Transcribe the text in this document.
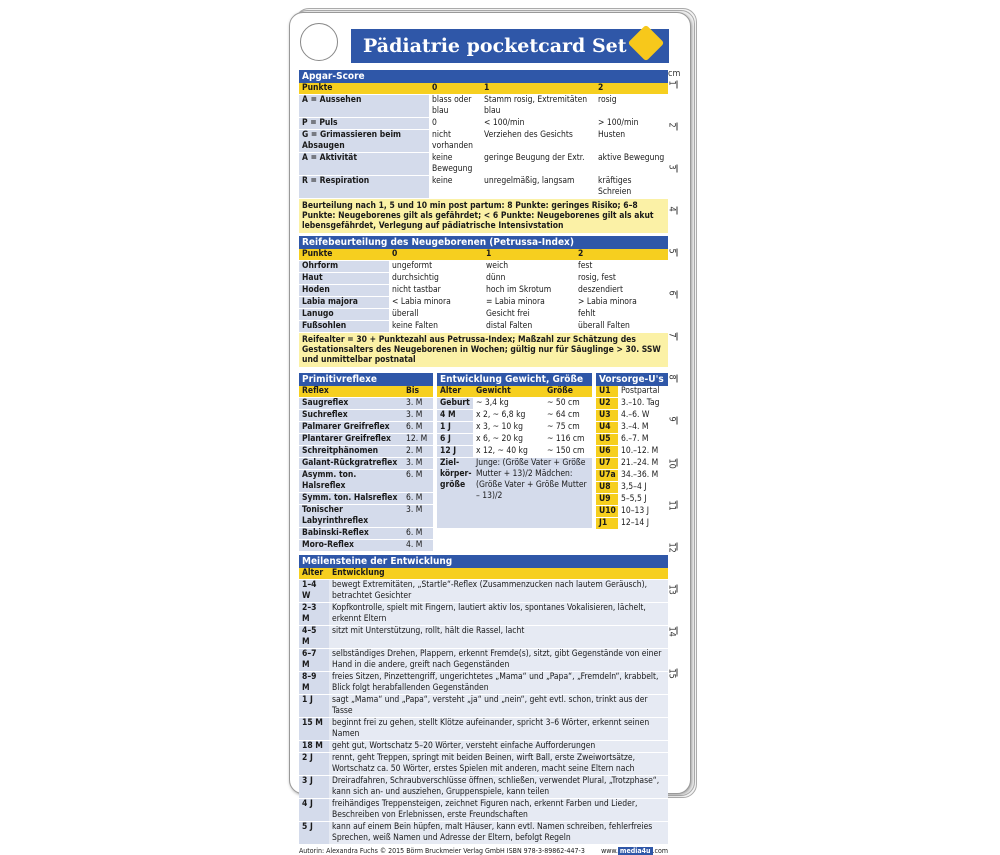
Pädiatrie pocketcard Set
Apgar-Score
Punkte	0	1	2
A = Aussehen	blass oder blau	Stamm rosig, Extremitäten blau	rosig
P = Puls	0	< 100/min	> 100/min
G = Grimassieren beim Absaugen	nicht vorhanden	Verziehen des Gesichts	Husten
A = Aktivität	keine Bewegung	geringe Beugung der Extr.	aktive Bewegung
R = Respiration	keine	unregelmäßig, langsam	kräftiges Schreien
Beurteilung nach 1, 5 und 10 min post partum: 8 Punkte: geringes Risiko; 6–8 Punkte: Neugeborenes gilt als gefährdet; < 6 Punkte: Neugeborenes gilt als akut lebensgefährdet, Verlegung auf pädiatrische Intensivstation
Reifebeurteilung des Neugeborenen (Petrussa-Index)
Punkte	0	1	2
Ohrform	ungeformt	weich	fest
Haut	durchsichtig	dünn	rosig, fest
Hoden	nicht tastbar	hoch im Skrotum	deszendiert
Labia majora	< Labia minora	= Labia minora	> Labia minora
Lanugo	überall	Gesicht frei	fehlt
Fußsohlen	keine Falten	distal Falten	überall Falten
Reifealter = 30 + Punktezahl aus Petrussa-Index; Maßzahl zur Schätzung des Gestationsalters des Neugeborenen in Wochen; gültig nur für Säuglinge > 30. SSW und unmittelbar postnatal
Primitivreflexe
Reflex	Bis
Saugreflex	3. M
Suchreflex	3. M
Palmarer Greifreflex	6. M
Plantarer Greifreflex	12. M
Schreitphänomen	2. M
Galant-Rückgratreflex	3. M
Asymm. ton. Halsreflex	6. M
Symm. ton. Halsreflex	6. M
Tonischer Labyrinthreflex	3. M
Babinski-Reflex	6. M
Moro-Reflex	4. M
Entwicklung Gewicht, Größe
Alter	Gewicht	Größe
Geburt	~ 3,4 kg	~ 50 cm
4 M	x 2, ~ 6,8 kg	~ 64 cm
1 J	x 3, ~ 10 kg	~ 75 cm
6 J	x 6, ~ 20 kg	~ 116 cm
12 J	x 12, ~ 40 kg	~ 150 cm
Ziel-körper-größe	Junge: (Größe Vater + Größe Mutter + 13)/2 Mädchen: (Größe Vater + Größe Mutter – 13)/2
Vorsorge-U's
U1	Postpartal
U2	3.–10. Tag
U3	4.–6. W
U4	3.–4. M
U5	6.–7. M
U6	10.–12. M
U7	21.–24. M
U7a	34.–36. M
U8	3,5–4 J
U9	5–5,5 J
U10	10–13 J
J1	12–14 J
Meilensteine der Entwicklung
Alter	Entwicklung
1–4 W	bewegt Extremitäten, „Startle“-Reflex (Zusammenzucken nach lautem Geräusch), betrachtet Gesichter
2–3 M	Kopfkontrolle, spielt mit Fingern, lautiert aktiv los, spontanes Vokalisieren, lächelt, erkennt Eltern
4–5 M	sitzt mit Unterstützung, rollt, hält die Rassel, lacht
6–7 M	selbständiges Drehen, Plappern, erkennt Fremde(s), sitzt, gibt Gegenstände von einer Hand in die andere, greift nach Gegenständen
8–9 M	freies Sitzen, Pinzettengriff, ungerichtetes „Mama“ und „Papa“, „Fremdeln“, krabbelt, Blick folgt herabfallenden Gegenständen
1 J	sagt „Mama“ und „Papa“, versteht „ja“ und „nein“, geht evtl. schon, trinkt aus der Tasse
15 M	beginnt frei zu gehen, stellt Klötze aufeinander, spricht 3–6 Wörter, erkennt seinen Namen
18 M	geht gut, Wortschatz 5–20 Wörter, versteht einfache Aufforderungen
2 J	rennt, geht Treppen, springt mit beiden Beinen, wirft Ball, erste Zweiwortsätze, Wortschatz ca. 50 Wörter, erstes Spielen mit anderen, macht seine Eltern nach
3 J	Dreiradfahren, Schraubverschlüsse öffnen, schließen, verwendet Plural, „Trotzphase“, kann sich an- und ausziehen, Gruppenspiele, kann teilen
4 J	freihändiges Treppensteigen, zeichnet Figuren nach, erkennt Farben und Lieder, Beschreiben von Erlebnissen, erste Freundschaften
5 J	kann auf einem Bein hüpfen, malt Häuser, kann evtl. Namen schreiben, fehlerfreies Sprechen, weiß Namen und Adresse der Eltern, befolgt Regeln
Autorin: Alexandra Fuchs © 2015 Börm Bruckmeier Verlag GmbH ISBN 978-3-89862-447-3 www. media4u .com
cm
1
2
3
4
5
6
7
8
9
10
11
12
13
14
15
